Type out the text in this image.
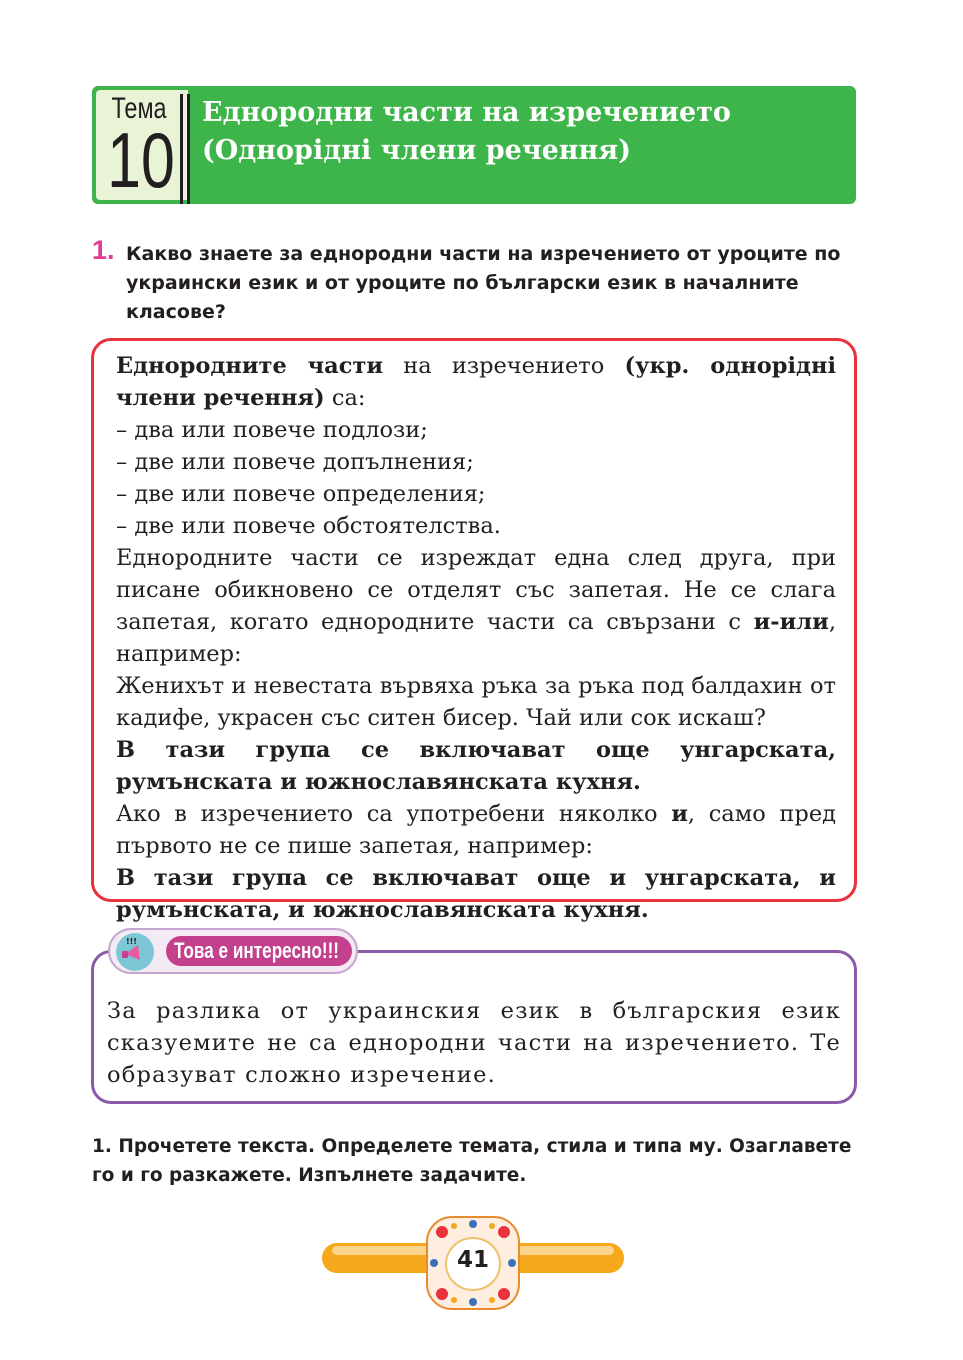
Тема
10
Еднородни части на изречението
(Однорідні члени речення)
1. Какво знаете за еднородни части на изречението от уроците по украински език и от уроците по български език в началните класове?

Еднородните части на изречението (укр. однорідні члени речення) са:

– два или повече подлози;

– две или повече допълнения;

– две или повече определения;

– две или повече обстоятелства.

Еднородните части се изреждат една след друга, при писане обикновено се отделят със запетая. Не се слага запетая, когато еднородните части са свързани с и-или, например:

Женихът и невестата вървяха ръка за ръка под балдахин от кадифе, украсен със ситен бисер. Чай или сок искаш?

В тази група се включават още унгарската, румънската и южнославянската кухня.

Ако в изречението са употребени няколко и, само пред първото не се пише запетая, например:

В тази група се включават още и унгарската, и румънската, и южнославянската кухня.

За разлика от украинския език в българския език сказуемите не са еднородни части на изречението. Те образуват сложно изречение.
!!! Това е интересно!!!
1. Прочетете текста. Определете темата, стила и типа му. Озаглавете го и го разкажете. Изпълнете задачите.
41
